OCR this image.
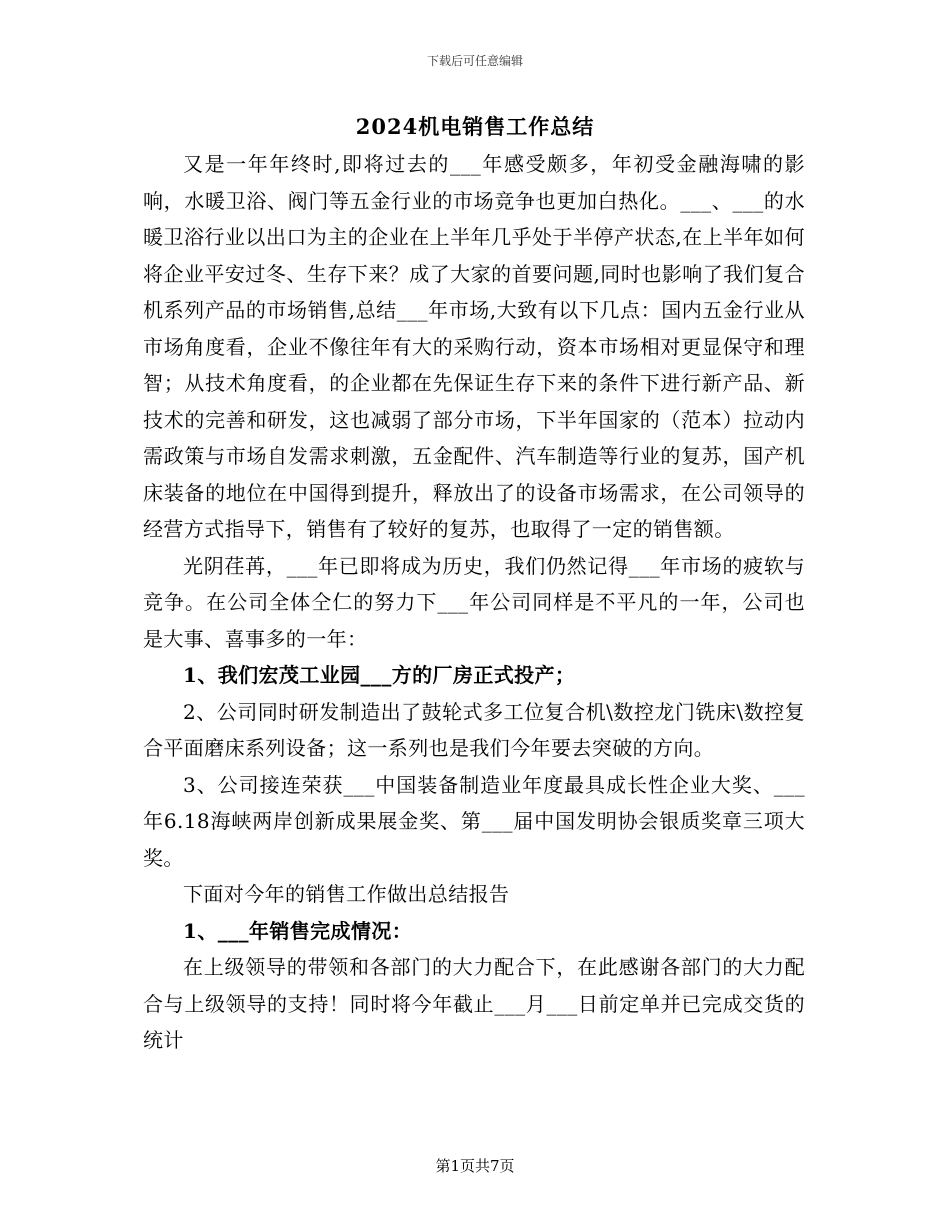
下载后可任意编辑
2024机电销售工作总结

又是一年年终时,即将过去的___年感受颇多，年初受金融海啸的影响，水暖卫浴、阀门等五金行业的市场竞争也更加白热化。___、___的水暖卫浴行业以出口为主的企业在上半年几乎处于半停产状态,在上半年如何将企业平安过冬、生存下来？成了大家的首要问题,同时也影响了我们复合机系列产品的市场销售,总结___年市场,大致有以下几点：国内五金行业从市场角度看，企业不像往年有大的采购行动，资本市场相对更显保守和理智；从技术角度看，的企业都在先保证生存下来的条件下进行新产品、新技术的完善和研发，这也减弱了部分市场，下半年国家的（范本）拉动内需政策与市场自发需求刺激，五金配件、汽车制造等行业的复苏，国产机床装备的地位在中国得到提升，释放出了的设备市场需求，在公司领导的经营方式指导下，销售有了较好的复苏，也取得了一定的销售额。

光阴荏苒，___年已即将成为历史，我们仍然记得___年市场的疲软与竞争。在公司全体仝仁的努力下___年公司同样是不平凡的一年，公司也是大事、喜事多的一年：

1、我们宏茂工业园___方的厂房正式投产；

2、公司同时研发制造出了鼓轮式多工位复合机\数控龙门铣床\数控复合平面磨床系列设备；这一系列也是我们今年要去突破的方向。

3、公司接连荣获___中国装备制造业年度最具成长性企业大奖、___年6.18海峡两岸创新成果展金奖、第___届中国发明协会银质奖章三项大奖。

下面对今年的销售工作做出总结报告

1、___年销售完成情况：

在上级领导的带领和各部门的大力配合下，在此感谢各部门的大力配合与上级领导的支持！同时将今年截止___月___日前定单并已完成交货的统计

第1页共7页
